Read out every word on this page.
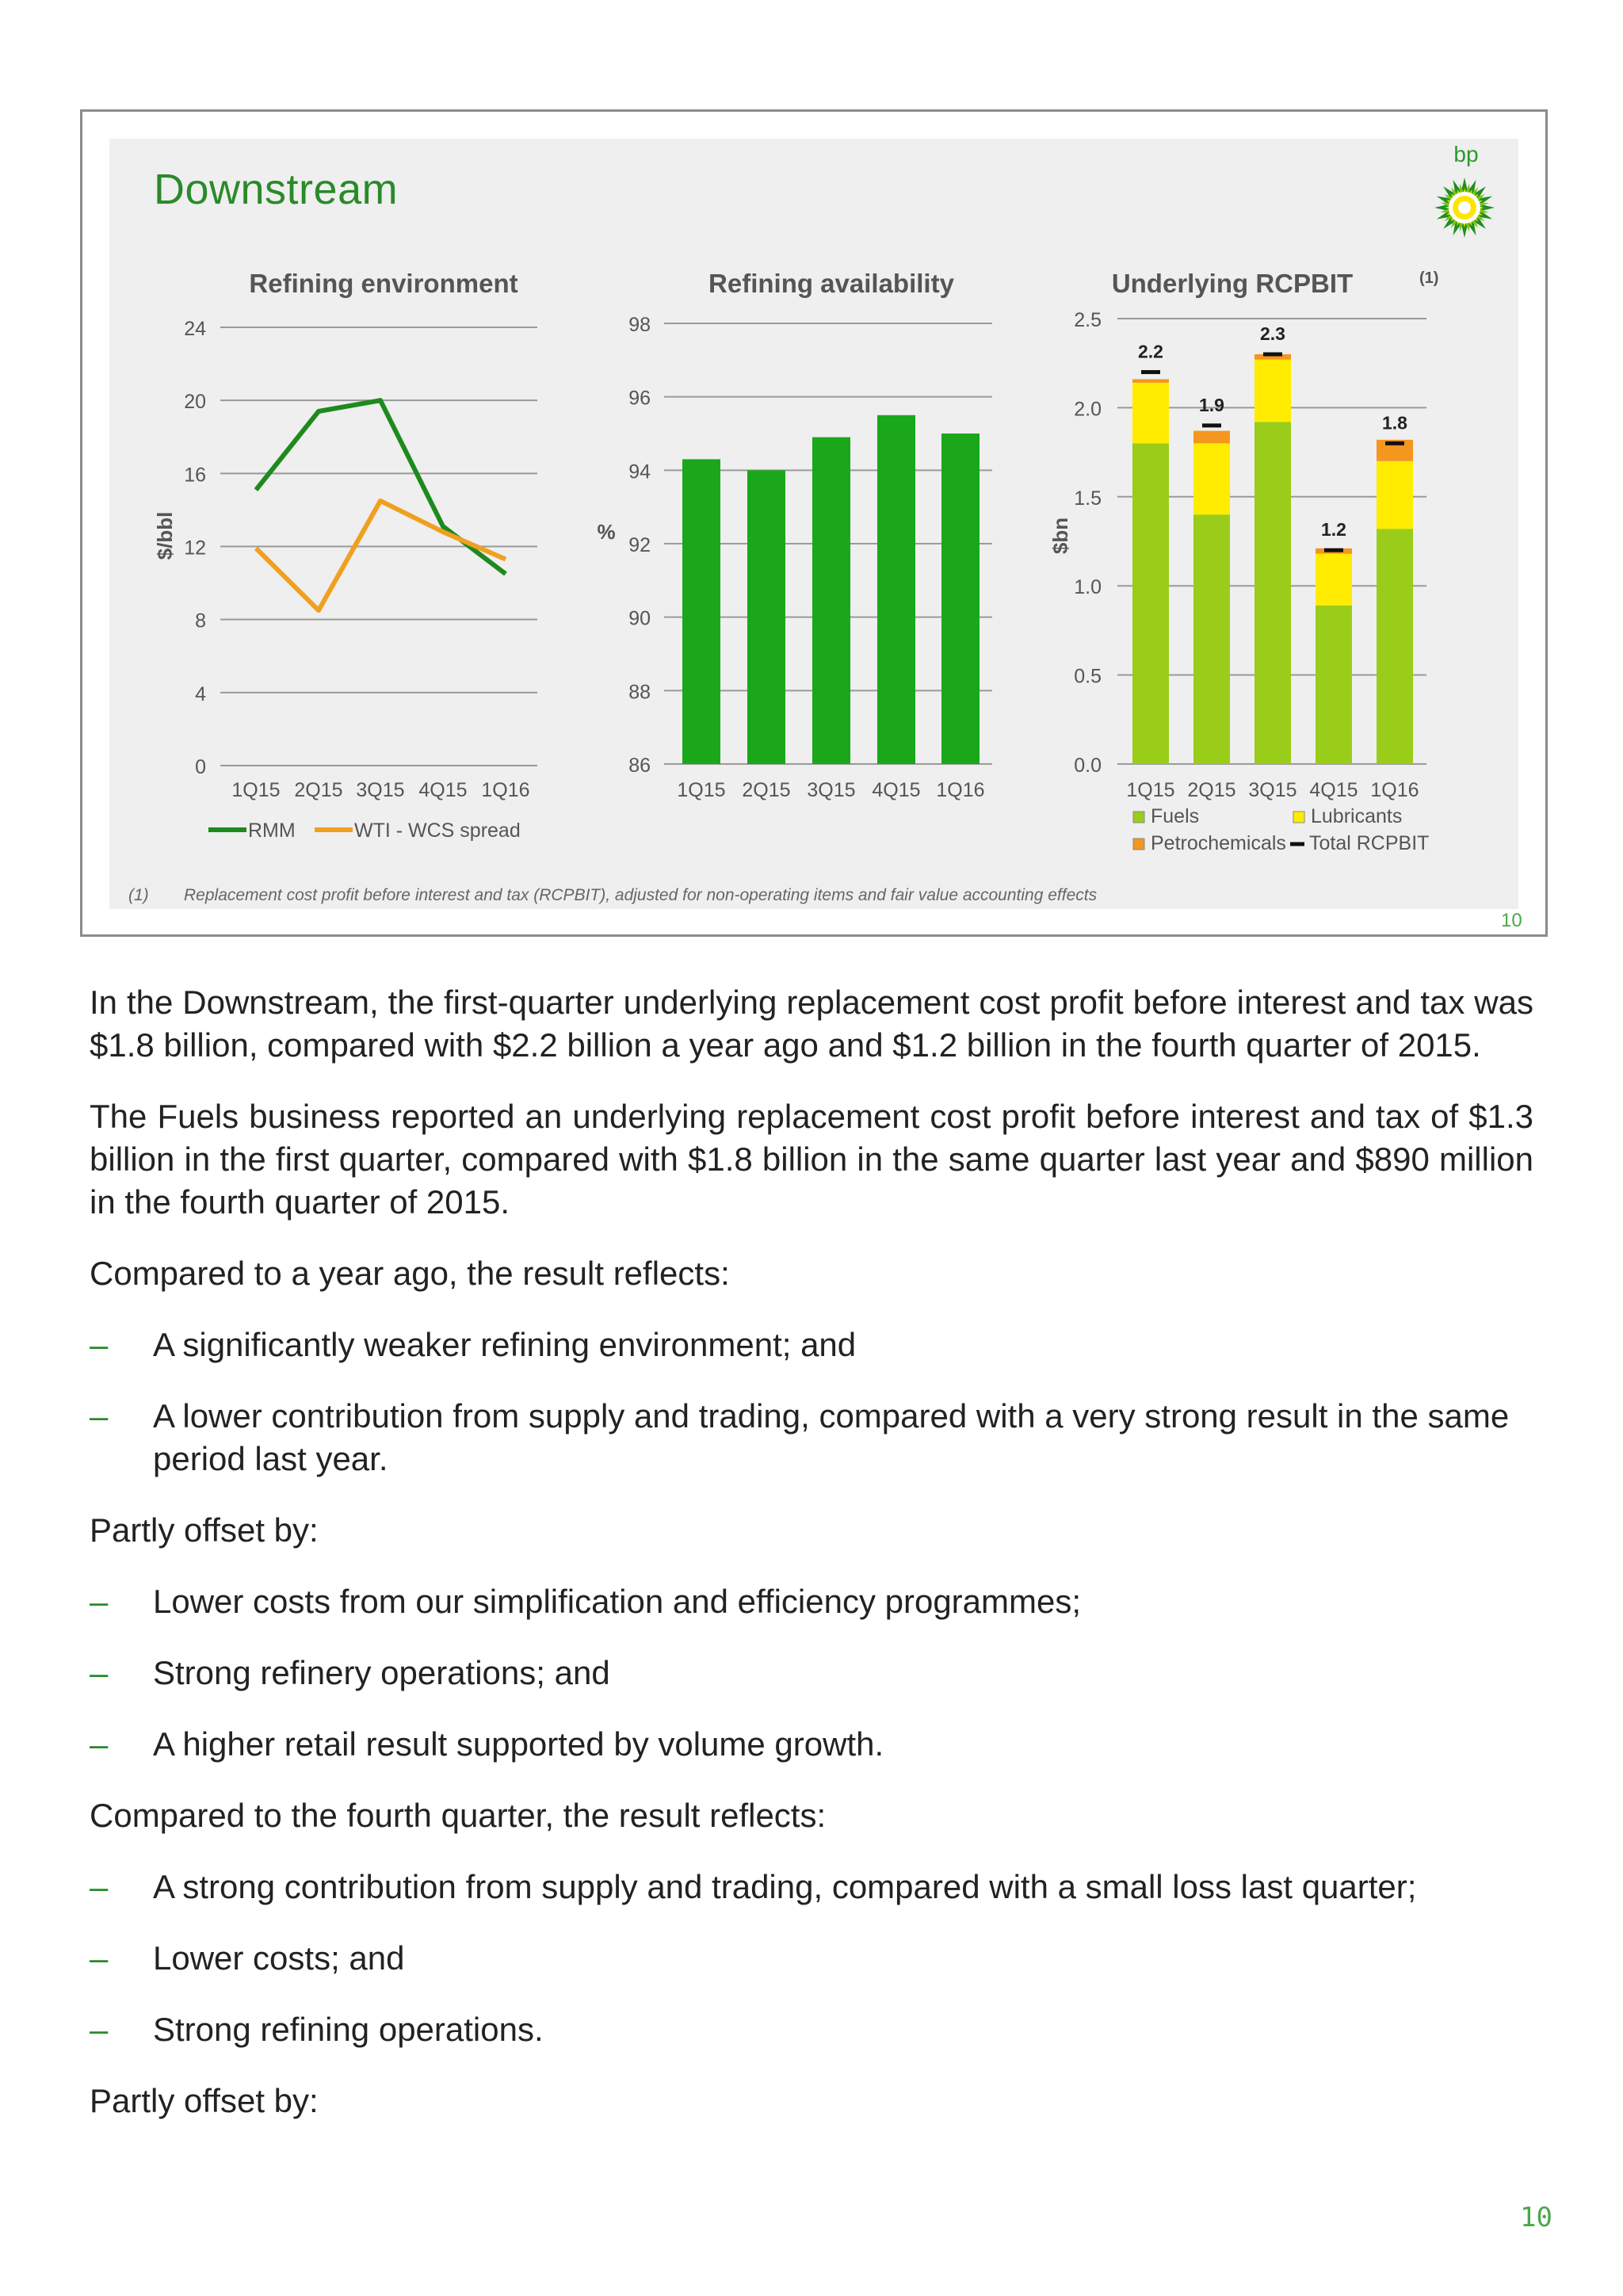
Downstream
bp
Refining environment
0
4
8
12
16
20
24
$/bbl
1Q15 2Q15 3Q15 4Q15 1Q16
RMM	WTI - WCS spread
Refining availability
86
88
90
92
94
96
98
%
1Q15 2Q15 3Q15 4Q15 1Q16
Underlying RCPBIT	(1)
0.0
0.5
1.0
1.5
2.0
2.5
$bn
2.2
1Q15
1.9
2Q15
2.3
3Q15
1.2
4Q15
1.8
1Q16
Fuels	Lubricants
Petrochemicals Total RCPBIT
(1) Replacement cost profit before interest and tax (RCPBIT), adjusted for non-operating items and fair value accounting effects
10

In the Downstream, the first-quarter underlying replacement cost profit before interest and tax was $1.8 billion, compared with $2.2 billion a year ago and $1.2 billion in the fourth quarter of 2015.

The Fuels business reported an underlying replacement cost profit before interest and tax of $1.3 billion in the first quarter, compared with $1.8 billion in the same quarter last year and $890 million in the fourth quarter of 2015.

Compared to a year ago, the result reflects:

– A significantly weaker refining environment; and
– A lower contribution from supply and trading, compared with a very strong result in the same period last year.

Partly offset by:

– Lower costs from our simplification and efficiency programmes;
– Strong refinery operations; and
– A higher retail result supported by volume growth.

Compared to the fourth quarter, the result reflects:

– A strong contribution from supply and trading, compared with a small loss last quarter;
– Lower costs; and
– Strong refining operations.

Partly offset by:

10
